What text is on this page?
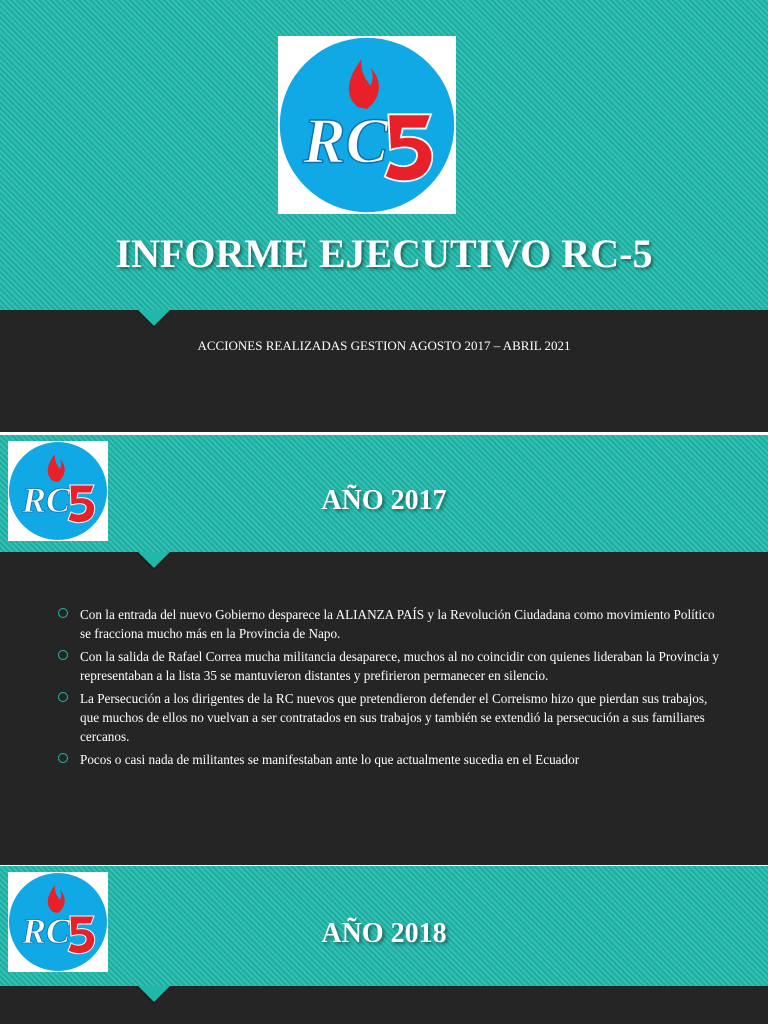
INFORME EJECUTIVO RC-5

ACCIONES REALIZADAS GESTION AGOSTO 2017 – ABRIL 2021

AÑO 2017
Con la entrada del nuevo Gobierno desparece la ALIANZA PAÍS y la Revolución Ciudadana como movimiento Político se fracciona mucho más en la Provincia de Napo.
Con la salida de Rafael Correa mucha militancia desaparece, muchos al no coincidir con quienes lideraban la Provincia y representaban a la lista 35 se mantuvieron distantes y prefirieron permanecer en silencio.
La Persecución a los dirigentes de la RC nuevos que pretendieron defender el Correismo hizo que pierdan sus trabajos, que muchos de ellos no vuelvan a ser contratados en sus trabajos y también se extendió la persecución a sus familiares cercanos.
Pocos o casi nada de militantes se manifestaban ante lo que actualmente sucedia en el Ecuador
AÑO 2018
